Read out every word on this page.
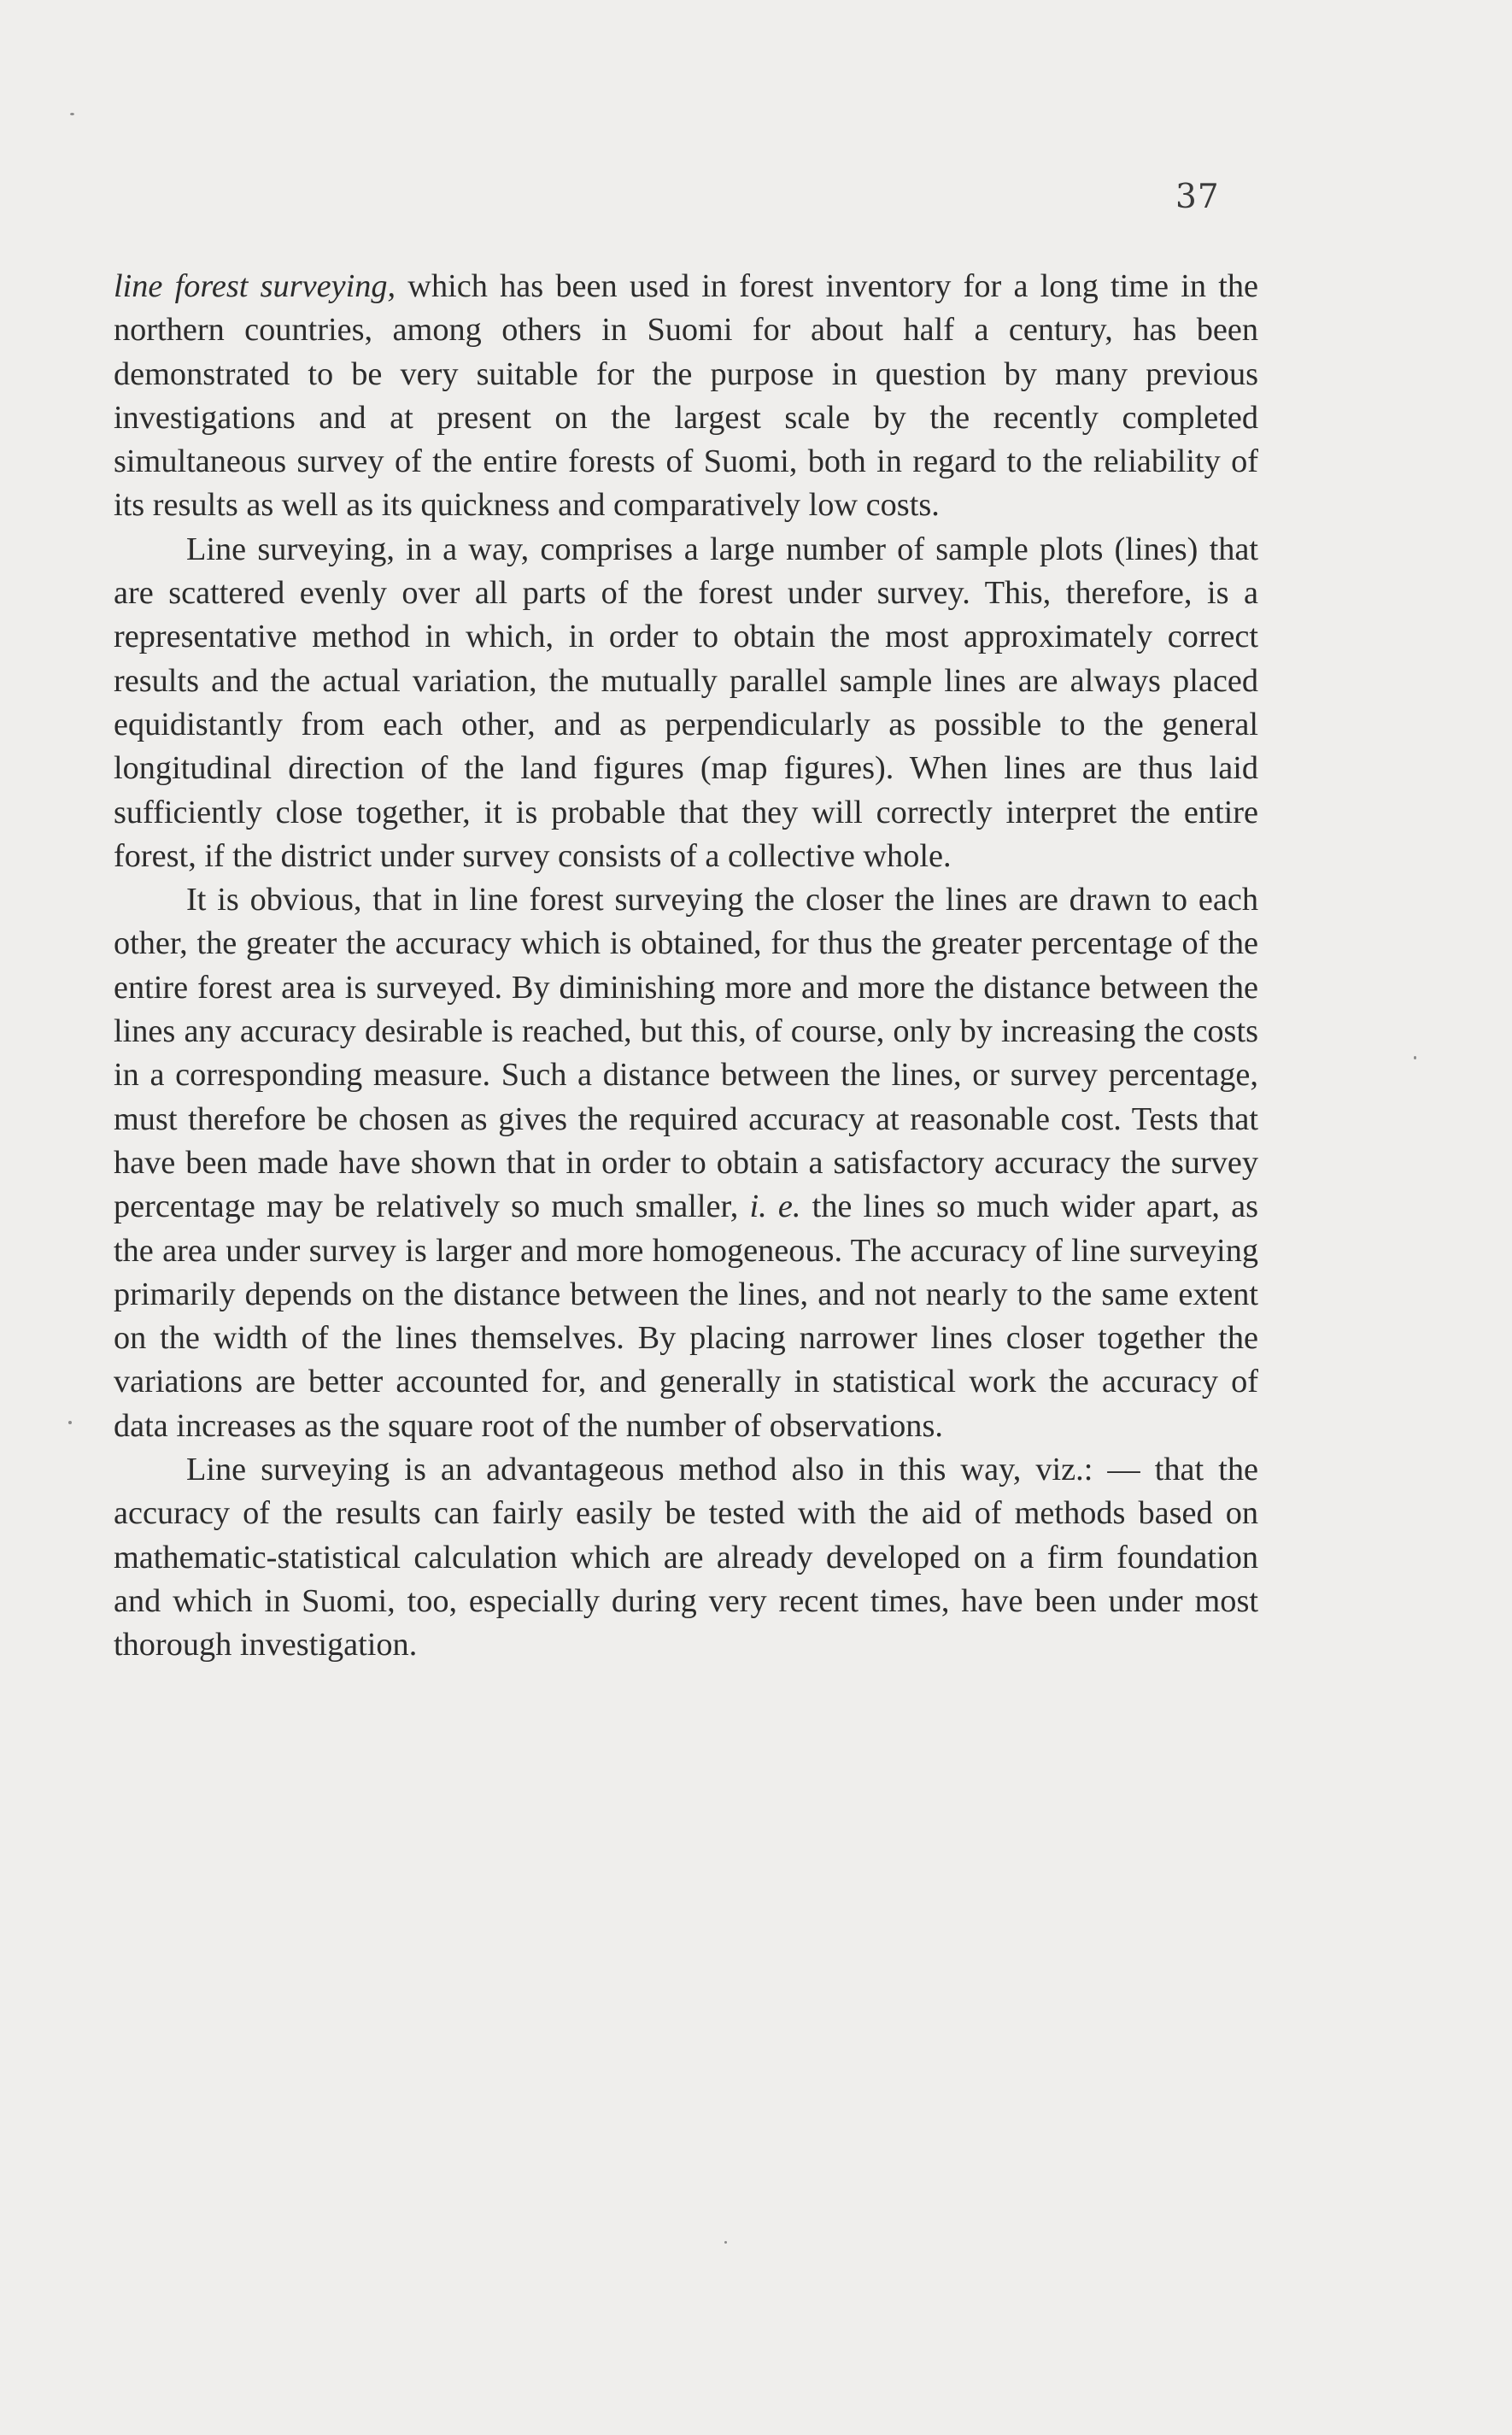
37

line forest surveying, which has been used in forest inventory for a long time in the northern countries, among others in Suomi for about half a century, has been demonstrated to be very suitable for the purpose in question by many previous investigations and at present on the largest scale by the recently completed simultaneous survey of the entire forests of Suomi, both in regard to the reliability of its results as well as its quickness and comparatively low costs.

Line surveying, in a way, comprises a large number of sample plots (lines) that are scattered evenly over all parts of the forest under survey. This, therefore, is a representative method in which, in order to obtain the most approximately correct results and the actual variation, the mutually parallel sample lines are always placed equidistantly from each other, and as perpendicularly as possible to the general longitudinal direction of the land figures (map figures). When lines are thus laid sufficiently close together, it is probable that they will correctly interpret the entire forest, if the district under survey consists of a collective whole.

It is obvious, that in line forest surveying the closer the lines are drawn to each other, the greater the accuracy which is obtained, for thus the greater percentage of the entire forest area is surveyed. By diminishing more and more the distance between the lines any accuracy desirable is reached, but this, of course, only by increasing the costs in a corresponding measure. Such a distance between the lines, or survey percentage, must therefore be chosen as gives the required accuracy at reasonable cost. Tests that have been made have shown that in order to obtain a satisfactory accuracy the survey percentage may be relatively so much smaller, i. e. the lines so much wider apart, as the area under survey is larger and more homogeneous. The accuracy of line surveying primarily depends on the distance between the lines, and not nearly to the same extent on the width of the lines themselves. By placing narrower lines closer together the variations are better accounted for, and generally in statistical work the accuracy of data increases as the square root of the number of observations.

Line surveying is an advantageous method also in this way, viz.: — that the accuracy of the results can fairly easily be tested with the aid of methods based on mathematic-statistical calculation which are already developed on a firm foundation and which in Suomi, too, especially during very recent times, have been under most thorough investigation.
